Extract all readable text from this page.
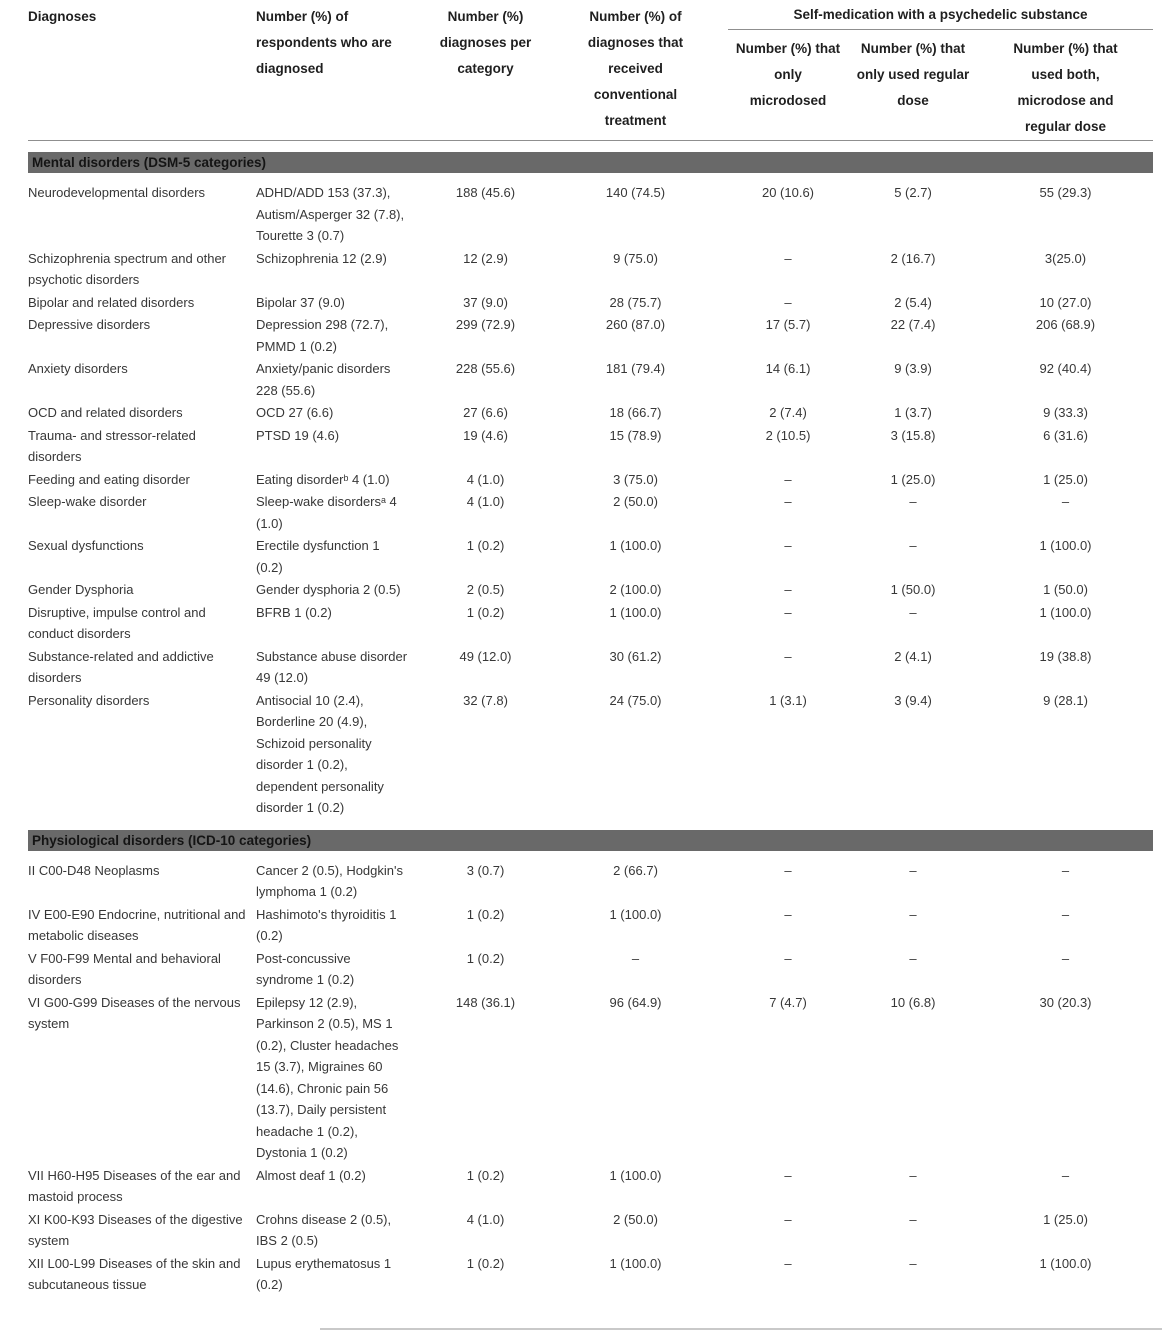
Diagnoses	Number (%) of respondents who are diagnosed	Number (%) diagnoses per category	Number (%) of diagnoses that received conventional treatment	Self-medication with a psychedelic substance		

				Number (%) that only microdosed	Number (%) that only used regular dose	Number (%) that used both, microdose and regular dose

Mental disorders (DSM-5 categories)						

Neurodevelopmental disorders	ADHD/ADD 153 (37.3), Autism/Asperger 32 (7.8), Tourette 3 (0.7)	188 (45.6)	140 (74.5)	20 (10.6)	5 (2.7)	55 (29.3)

Schizophrenia spectrum and other psychotic disorders	Schizophrenia 12 (2.9)	12 (2.9)	9 (75.0)	–	2 (16.7)	3(25.0)

Bipolar and related disorders	Bipolar 37 (9.0)	37 (9.0)	28 (75.7)	–	2 (5.4)	10 (27.0)

Depressive disorders	Depression 298 (72.7), PMMD 1 (0.2)	299 (72.9)	260 (87.0)	17 (5.7)	22 (7.4)	206 (68.9)

Anxiety disorders	Anxiety/panic disorders 228 (55.6)	228 (55.6)	181 (79.4)	14 (6.1)	9 (3.9)	92 (40.4)

OCD and related disorders	OCD 27 (6.6)	27 (6.6)	18 (66.7)	2 (7.4)	1 (3.7)	9 (33.3)

Trauma- and stressor-related disorders	PTSD 19 (4.6)	19 (4.6)	15 (78.9)	2 (10.5)	3 (15.8)	6 (31.6)

Feeding and eating disorder	Eating disorderᵇ 4 (1.0)	4 (1.0)	3 (75.0)	–	1 (25.0)	1 (25.0)

Sleep-wake disorder	Sleep-wake disordersᵃ 4 (1.0)	4 (1.0)	2 (50.0)	–	–	–

Sexual dysfunctions	Erectile dysfunction 1 (0.2)	1 (0.2)	1 (100.0)	–	–	1 (100.0)

Gender Dysphoria	Gender dysphoria 2 (0.5)	2 (0.5)	2 (100.0)	–	1 (50.0)	1 (50.0)

Disruptive, impulse control and conduct disorders	BFRB 1 (0.2)	1 (0.2)	1 (100.0)	–	–	1 (100.0)

Substance-related and addictive disorders	Substance abuse disorder 49 (12.0)	49 (12.0)	30 (61.2)	–	2 (4.1)	19 (38.8)

Personality disorders	Antisocial 10 (2.4), Borderline 20 (4.9), Schizoid personality disorder 1 (0.2), dependent personality disorder 1 (0.2)	32 (7.8)	24 (75.0)	1 (3.1)	3 (9.4)	9 (28.1)

Physiological disorders (ICD-10 categories)						

II C00-D48 Neoplasms	Cancer 2 (0.5), Hodgkin's lymphoma 1 (0.2)	3 (0.7)	2 (66.7)	–	–	–

IV E00-E90 Endocrine, nutritional and metabolic diseases	Hashimoto's thyroiditis 1 (0.2)	1 (0.2)	1 (100.0)	–	–	–

V F00-F99 Mental and behavioral disorders	Post-concussive syndrome 1 (0.2)	1 (0.2)	–	–	–	–

VI G00-G99 Diseases of the nervous system	Epilepsy 12 (2.9), Parkinson 2 (0.5), MS 1 (0.2), Cluster headaches 15 (3.7), Migraines 60 (14.6), Chronic pain 56 (13.7), Daily persistent headache 1 (0.2), Dystonia 1 (0.2)	148 (36.1)	96 (64.9)	7 (4.7)	10 (6.8)	30 (20.3)

VII H60-H95 Diseases of the ear and mastoid process	Almost deaf 1 (0.2)	1 (0.2)	1 (100.0)	–	–	–

XI K00-K93 Diseases of the digestive system	Crohns disease 2 (0.5), IBS 2 (0.5)	4 (1.0)	2 (50.0)	–	–	1 (25.0)

XII L00-L99 Diseases of the skin and subcutaneous tissue	Lupus erythematosus 1 (0.2)	1 (0.2)	1 (100.0)	–	–	1 (100.0)
